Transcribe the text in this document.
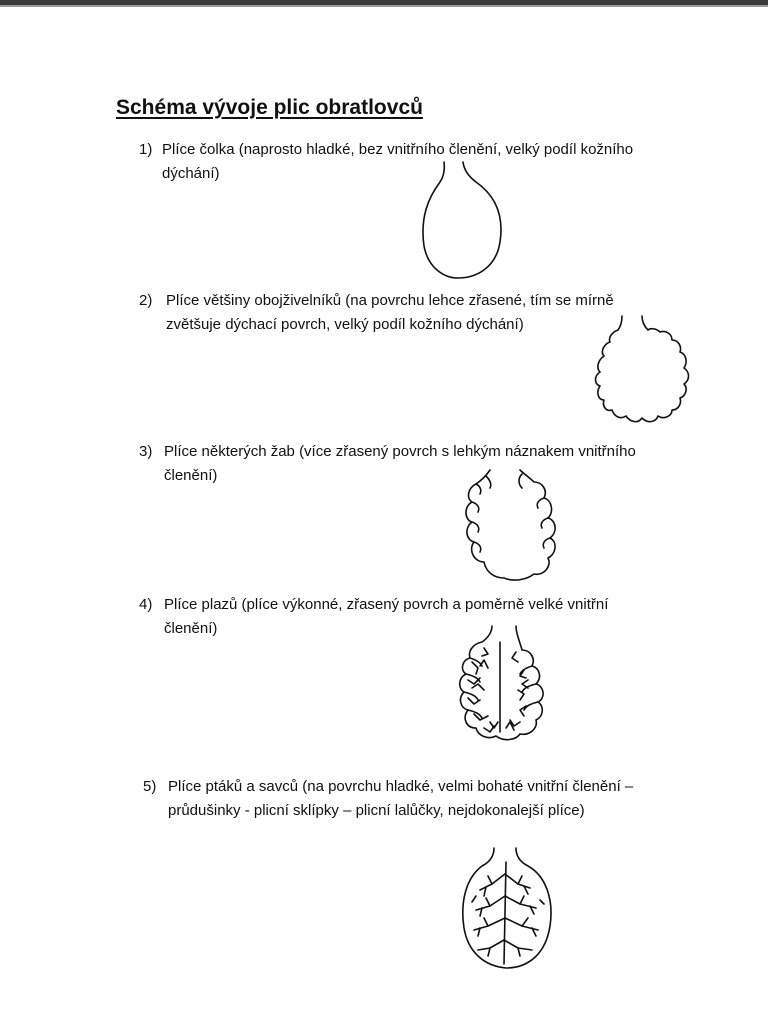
Schéma vývoje plic obratlovců
1) Plíce čolka (naprosto hladké, bez vnitřního členění, velký podíl kožního
dýchání)
2) Plíce většiny obojživelníků (na povrchu lehce zřasené, tím se mírně
zvětšuje dýchací povrch, velký podíl kožního dýchání)
3) Plíce některých žab (více zřasený povrch s lehkým náznakem vnitřního
členění)
4) Plíce plazů (plíce výkonné, zřasený povrch a poměrně velké vnitřní
členění)
5) Plíce ptáků a savců (na povrchu hladké, velmi bohaté vnitřní členění –
průdušinky - plicní sklípky – plicní lalůčky, nejdokonalejší plíce)
